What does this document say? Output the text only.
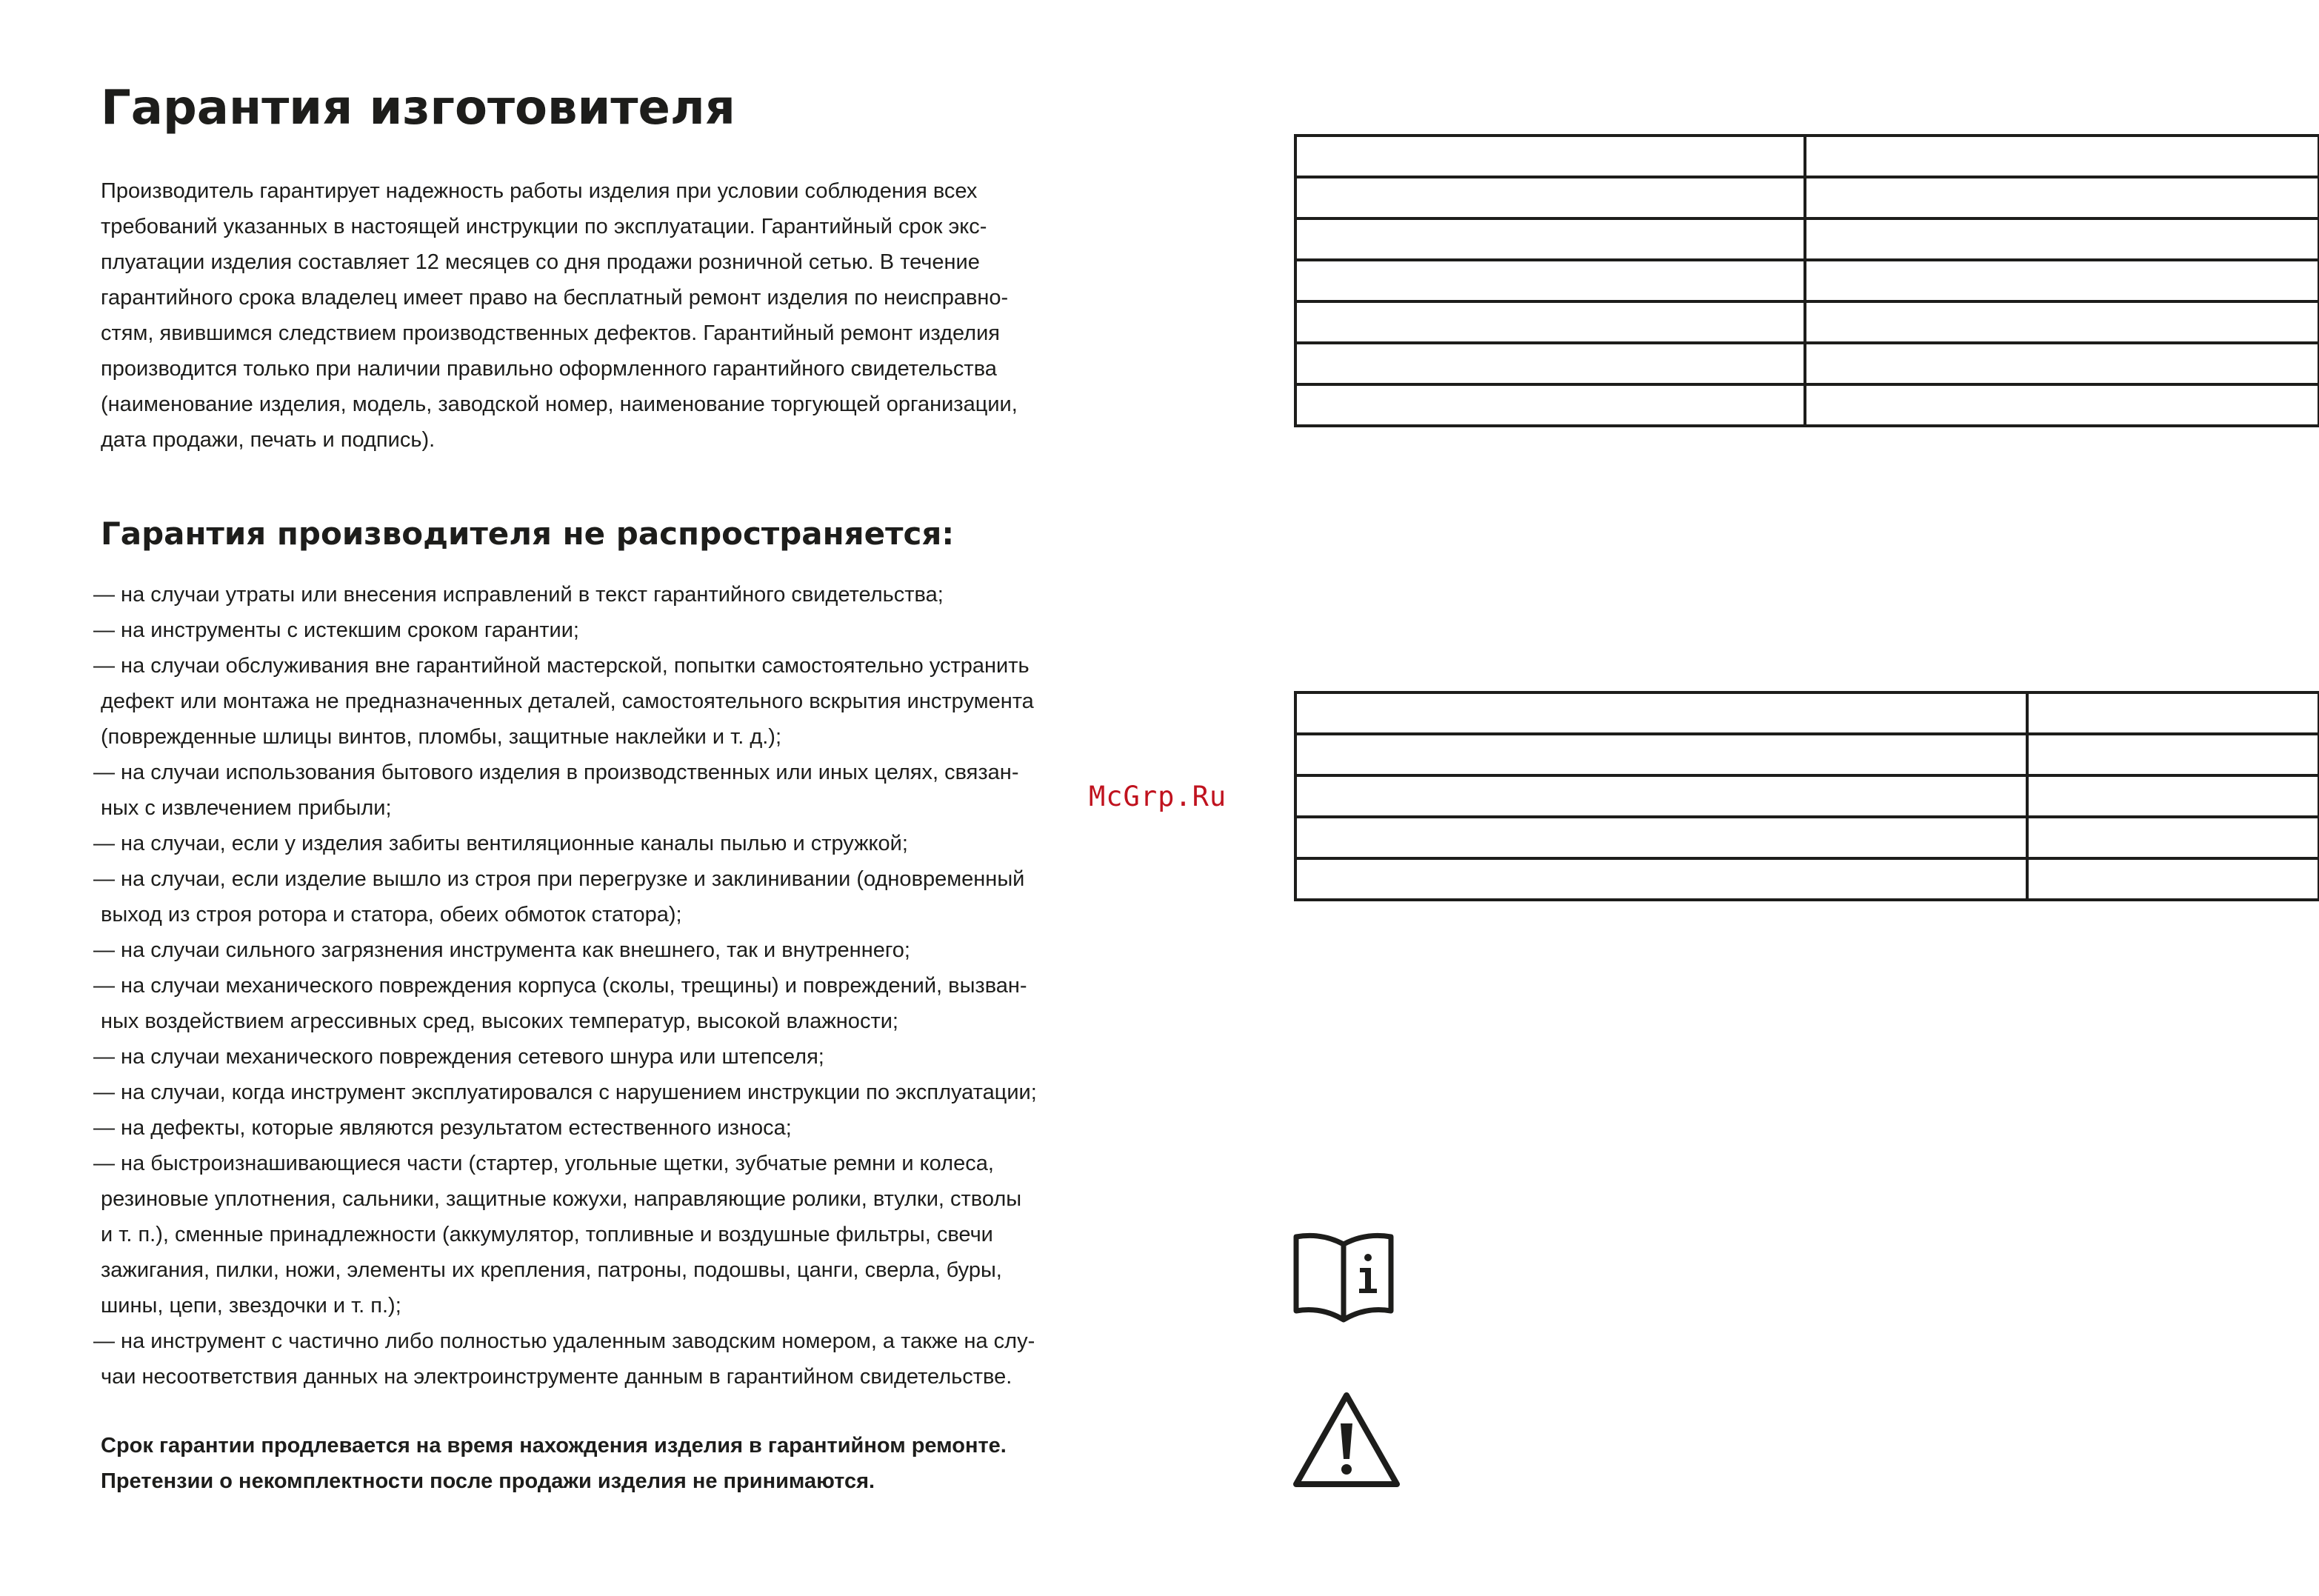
Гарантия изготовителя
Производитель гарантирует надежность работы изделия при условии соблюдения всех
требований указанных в настоящей инструкции по эксплуатации. Гарантийный срок экс-
плуатации изделия составляет 12 месяцев со дня продажи розничной сетью. В течение
гарантийного срока владелец имеет право на бесплатный ремонт изделия по неисправно-
стям, явившимся следствием производственных дефектов. Гарантийный ремонт изделия
производится только при наличии правильно оформленного гарантийного свидетельства
(наименование изделия, модель, заводской номер, наименование торгующей организации,
дата продажи, печать и подпись).
Гарантия производителя не распространяется:
— на случаи утраты или внесения исправлений в текст гарантийного свидетельства;
— на инструменты с истекшим сроком гарантии;
— на случаи обслуживания вне гарантийной мастерской, попытки самостоятельно устранить
дефект или монтажа не предназначенных деталей, самостоятельного вскрытия инструмента
(поврежденные шлицы винтов, пломбы, защитные наклейки и т. д.);
— на случаи использования бытового изделия в производственных или иных целях, связан-
ных с извлечением прибыли;
— на случаи, если у изделия забиты вентиляционные каналы пылью и стружкой;
— на случаи, если изделие вышло из строя при перегрузке и заклинивании (одновременный
выход из строя ротора и статора, обеих обмоток статора);
— на случаи сильного загрязнения инструмента как внешнего, так и внутреннего;
— на случаи механического повреждения корпуса (сколы, трещины) и повреждений, вызван-
ных воздействием агрессивных сред, высоких температур, высокой влажности;
— на случаи механического повреждения сетевого шнура или штепселя;
— на случаи, когда инструмент эксплуатировался с нарушением инструкции по эксплуатации;
— на дефекты, которые являются результатом естественного износа;
— на быстроизнашивающиеся части (стартер, угольные щетки, зубчатые ремни и колеса,
резиновые уплотнения, сальники, защитные кожухи, направляющие ролики, втулки, стволы
и т. п.), сменные принадлежности (аккумулятор, топливные и воздушные фильтры, свечи
зажигания, пилки, ножи, элементы их крепления, патроны, подошвы, цанги, сверла, буры,
шины, цепи, звездочки и т. п.);
— на инструмент с частично либо полностью удаленным заводским номером, а также на слу-
чаи несоответствия данных на электроинструменте данным в гарантийном свидетельстве.
Срок гарантии продлевается на время нахождения изделия в гарантийном ремонте.
Претензии о некомплектности после продажи изделия не принимаются.
McGrp.Ru
